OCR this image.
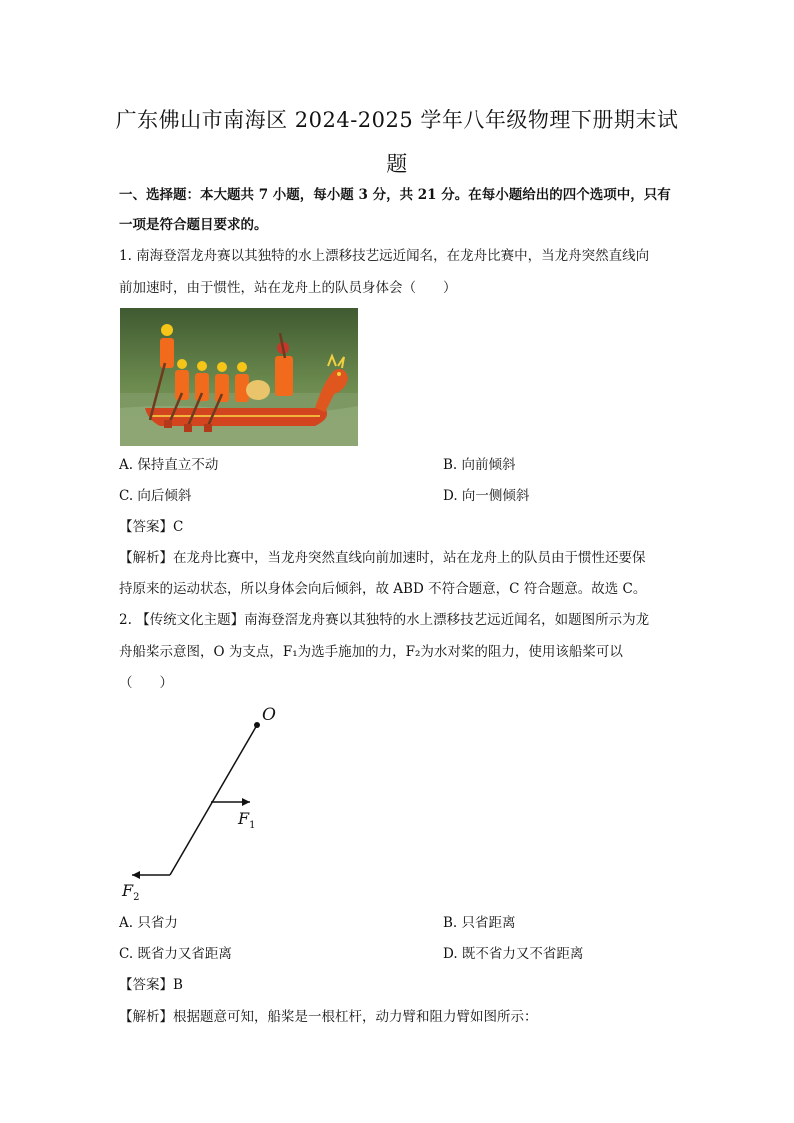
广东佛山市南海区 2024-2025 学年八年级物理下册期末试
题
一、选择题：本大题共 7 小题，每小题 3 分，共 21 分。在每小题给出的四个选项中，只有
一项是符合题目要求的。
1. 南海登滘龙舟赛以其独特的水上漂移技艺远近闻名，在龙舟比赛中，当龙舟突然直线向
前加速时，由于惯性，站在龙舟上的队员身体会（　　）
A. 保持直立不动	B. 向前倾斜
C. 向后倾斜	D. 向一侧倾斜
【答案】C
【解析】在龙舟比赛中，当龙舟突然直线向前加速时，站在龙舟上的队员由于惯性还要保
持原来的运动状态，所以身体会向后倾斜，故 ABD 不符合题意，C 符合题意。故选 C。
2. 【传统文化主题】南海登滘龙舟赛以其独特的水上漂移技艺远近闻名，如题图所示为龙
舟船桨示意图，O 为支点，F₁为选手施加的力，F₂为水对桨的阻力，使用该船桨可以
（　　）
O
$F_1$
$F_2$
A. 只省力	B. 只省距离
C. 既省力又省距离	D. 既不省力又不省距离
【答案】B
【解析】根据题意可知，船桨是一根杠杆，动力臂和阻力臂如图所示：
